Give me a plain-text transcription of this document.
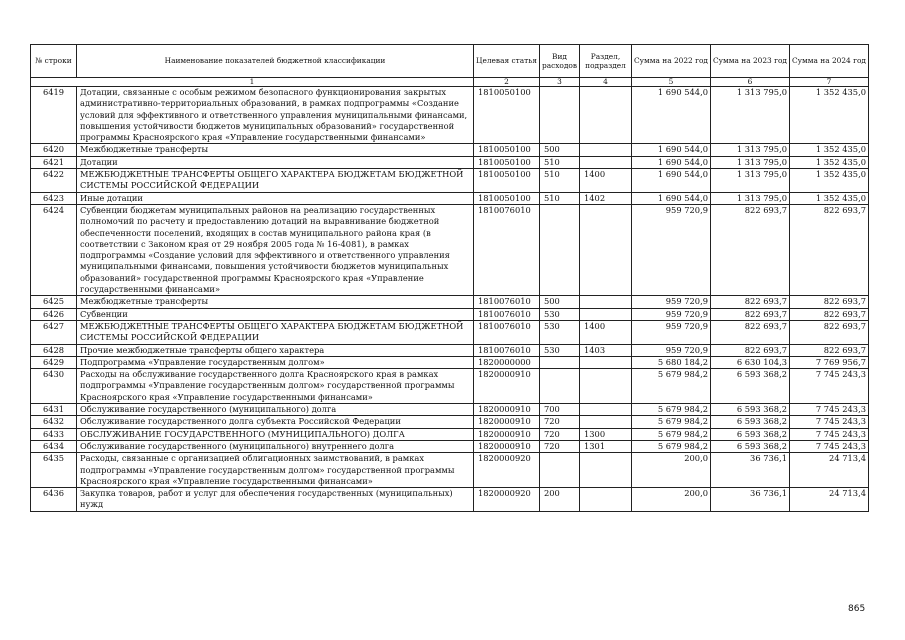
№ строки	Наименование показателей бюджетной классификации	Целевая статья	Вид расходов	Раздел, подраздел	Сумма на 2022 год	Сумма на 2023 год	Сумма на 2024 год
1		2	3	4	5	6	7
6419	Дотации, связанные с особым режимом безопасного функционирования закрытых административно-территориальных образований, в рамках подпрограммы «Создание условий для эффективного и ответственного управления муниципальными финансами, повышения устойчивости бюджетов муниципальных образований» государственной программы Красноярского края «Управление государственными финансами»	1810050100			1 690 544,0	1 313 795,0	1 352 435,0
6420	Межбюджетные трансферты	1810050100	500		1 690 544,0	1 313 795,0	1 352 435,0
6421	Дотации	1810050100	510		1 690 544,0	1 313 795,0	1 352 435,0
6422	МЕЖБЮДЖЕТНЫЕ ТРАНСФЕРТЫ ОБЩЕГО ХАРАКТЕРА БЮДЖЕТАМ БЮДЖЕТНОЙ СИСТЕМЫ РОССИЙСКОЙ ФЕДЕРАЦИИ	1810050100	510	1400	1 690 544,0	1 313 795,0	1 352 435,0
6423	Иные дотации	1810050100	510	1402	1 690 544,0	1 313 795,0	1 352 435,0
6424	Субвенции бюджетам муниципальных районов на реализацию государственных полномочий по расчету и предоставлению дотаций на выравнивание бюджетной обеспеченности поселений, входящих в состав муниципального района края (в соответствии с Законом края от 29 ноября 2005 года № 16-4081), в рамках подпрограммы «Создание условий для эффективного и ответственного управления муниципальными финансами, повышения устойчивости бюджетов муниципальных образований» государственной программы Красноярского края «Управление государственными финансами»	1810076010			959 720,9	822 693,7	822 693,7
6425	Межбюджетные трансферты	1810076010	500		959 720,9	822 693,7	822 693,7
6426	Субвенции	1810076010	530		959 720,9	822 693,7	822 693,7
6427	МЕЖБЮДЖЕТНЫЕ ТРАНСФЕРТЫ ОБЩЕГО ХАРАКТЕРА БЮДЖЕТАМ БЮДЖЕТНОЙ СИСТЕМЫ РОССИЙСКОЙ ФЕДЕРАЦИИ	1810076010	530	1400	959 720,9	822 693,7	822 693,7
6428	Прочие межбюджетные трансферты общего характера	1810076010	530	1403	959 720,9	822 693,7	822 693,7
6429	Подпрограмма «Управление государственным долгом»	1820000000			5 680 184,2	6 630 104,3	7 769 956,7
6430	Расходы на обслуживание государственного долга Красноярского края в рамках подпрограммы «Управление государственным долгом» государственной программы Красноярского края «Управление государственными финансами»	1820000910			5 679 984,2	6 593 368,2	7 745 243,3
6431	Обслуживание государственного (муниципального) долга	1820000910	700		5 679 984,2	6 593 368,2	7 745 243,3
6432	Обслуживание государственного долга субъекта Российской Федерации	1820000910	720		5 679 984,2	6 593 368,2	7 745 243,3
6433	ОБСЛУЖИВАНИЕ ГОСУДАРСТВЕННОГО (МУНИЦИПАЛЬНОГО) ДОЛГА	1820000910	720	1300	5 679 984,2	6 593 368,2	7 745 243,3
6434	Обслуживание государственного (муниципального) внутреннего долга	1820000910	720	1301	5 679 984,2	6 593 368,2	7 745 243,3
6435	Расходы, связанные с организацией облигационных заимствований, в рамках подпрограммы «Управление государственным долгом» государственной программы Красноярского края «Управление государственными финансами»	1820000920			200,0	36 736,1	24 713,4
6436	Закупка товаров, работ и услуг для обеспечения государственных (муниципальных) нужд	1820000920	200		200,0	36 736,1	24 713,4
865
